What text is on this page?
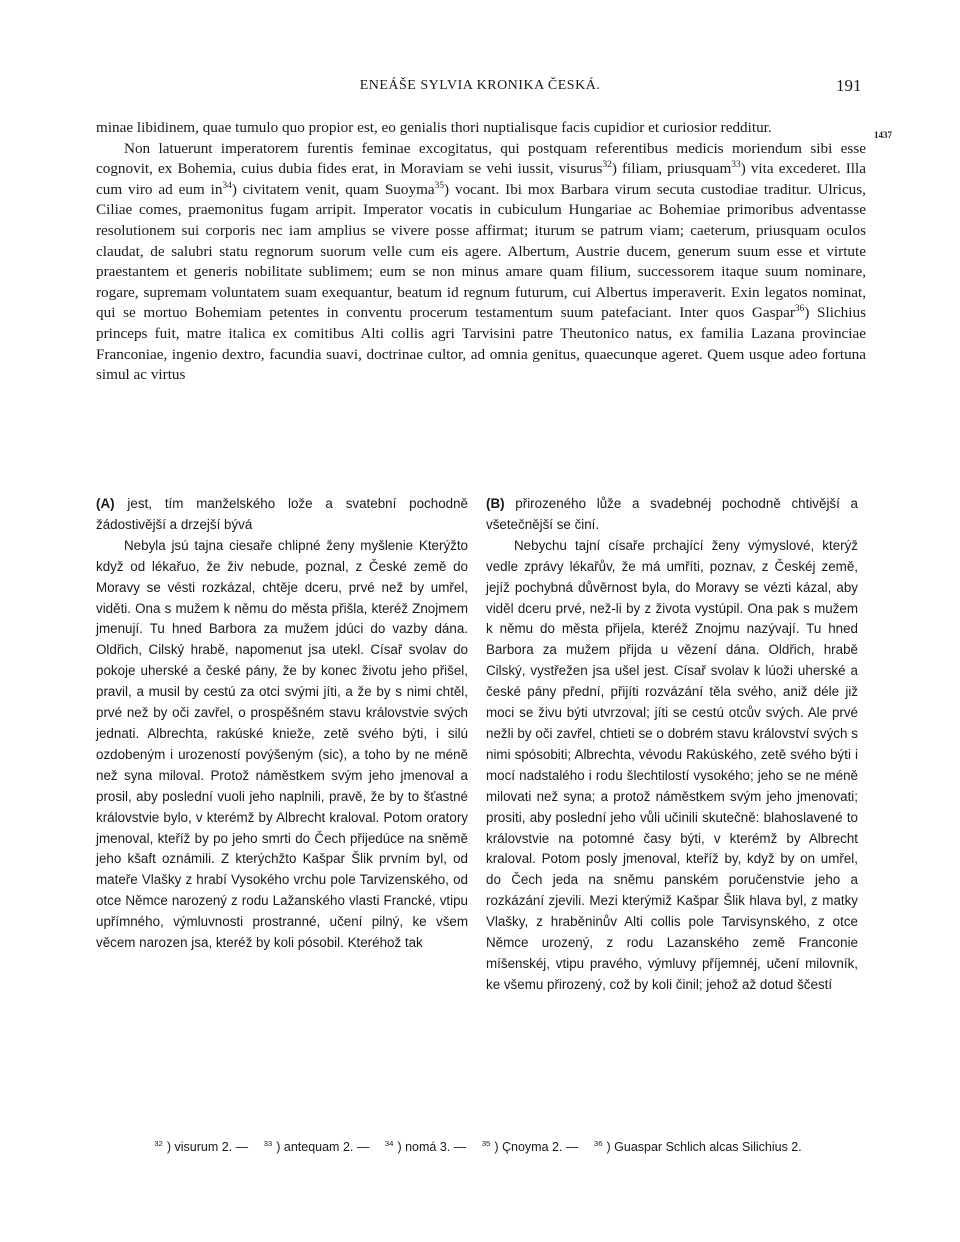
ENEÁŠE SYLVIA KRONIKA ČESKÁ.	191
1437

minae libidinem, quae tumulo quo propior est, eo genialis thori nuptialisque facis cupidior et curiosior redditur.

Non latuerunt imperatorem furentis feminae excogitatus, qui postquam referentibus medicis moriendum sibi esse cognovit, ex Bohemia, cuius dubia fides erat, in Moraviam se vehi iussit, visurus$^{32}$) filiam, priusquam$^{33}$) vita excederet. Illa cum viro ad eum $in^{34}$) civitatem venit, quam Suoyma$^{35}$) vocant. Ibi mox Barbara virum secuta custodiae traditur. Ulricus, Ciliae comes, praemonitus fugam arripit. Imperator vocatis in cubiculum Hungariae ac Bohemiae primoribus adventasse resolutionem sui corporis nec iam amplius se vivere posse affirmat; iturum se patrum viam; caeterum, priusquam oculos claudat, de salubri statu regnorum suorum velle cum eis agere. Albertum, Austrie ducem, generum suum esse et virtute praestantem et generis nobilitate sublimem; eum se non minus amare quam filium, successorem itaque suum nominare, rogare, supremam voluntatem suam exequantur, beatum id regnum futurum, cui Albertus imperaverit. Exin legatos nominat, qui se mortuo Bohemiam petentes in conventu procerum testamentum suum patefaciant. Inter quos Gaspar$^{36}$) Slichius princeps fuit, matre italica ex comitibus Alti collis agri Tarvisini patre Theutonico natus, ex familia Lazana provinciae Franconiae, ingenio dextro, facundia suavi, doctrinae cultor, ad omnia genitus, quaecunque ageret. Quem usque adeo fortuna simul ac virtus

(A) jest, tím manželského lože a svatební pochodně žádostivější a drzejší bývá

Nebyla jsú tajna ciesaře chlipné ženy myšlenie Kterýžto když od lékařuo, že živ nebude, poznal, z České země do Moravy se vésti rozkázal, chtěje dceru, prvé než by umřel, viděti. Ona s mužem k němu do města přišla, kteréž Znojmem jmenují. Tu hned Barbora za mužem jdúci do vazby dána. Oldřich, Cilský hrabě, napomenut jsa utekl. Císař svolav do pokoje uherské a české pány, že by konec životu jeho přišel, pravil, a musil by cestú za otci svými jíti, a že by s nimi chtěl, prvé než by oči zavřel, o prospěšném stavu královstvie svých jednati. Albrechta, rakúské knieže, zetě svého býti, i silú ozdobeným i urozeností povýšeným (sic), a toho by ne méně než syna miloval. Protož náměstkem svým jeho jmenoval a prosil, aby poslední vuoli jeho naplnili, pravě, že by to šťastné královstvie bylo, v kterémž by Albrecht kraloval. Potom oratory jmenoval, kteříž by po jeho smrti do Čech přijedúce na sněmě jeho kšaft oznámili. Z kterýchžto Kašpar Šlik prvním byl, od mateře Vlašky z hrabí Vysokého vrchu pole Tarvizenského, od otce Němce narozený z rodu Lažanského vlasti Francké, vtipu upřímného, výmluvnosti prostranné, učení pilný, ke všem věcem narozen jsa, kteréž by koli pósobil. Kteréhož tak

(B) přirozeného lůže a svadebnéj pochodně chtivější a všetečnější se činí.

Nebychu tajní císaře prchající ženy výmyslové, kterýž vedle zprávy lékařův, že má umříti, poznav, z Českéj země, jejíž pochybná důvěrnost byla, do Moravy se vézti kázal, aby viděl dceru prvé, než-li by z života vystúpil. Ona pak s mužem k němu do města přijela, kteréž Znojmu nazývají. Tu hned Barbora za mužem přijda u vězení dána. Oldřich, hrabě Cilský, vystřežen jsa ušel jest. Císař svolav k lúoži uherské a české pány přední, přijíti rozvázání těla svého, aniž déle již moci se živu býti utvrzoval; jíti se cestú otcův svých. Ale prvé nežli by oči zavřel, chtieti se o dobrém stavu království svých s nimi spósobiti; Albrechta, vévodu Rakúského, zetě svého býti i mocí nadstalého i rodu šlechtilostí vysokého; jeho se ne méně milovati než syna; a protož náměstkem svým jeho jmenovati; prositi, aby poslední jeho vůli učinili skutečně: blahoslavené to královstvie na potomné časy býti, v kterémž by Albrecht kraloval. Potom posly jmenoval, kteříž by, když by on umřel, do Čech jeda na sněmu panském poručenstvie jeho a rozkázání zjevili. Mezi kterýmiž Kašpar Šlik hlava byl, z matky Vlašky, z hraběninův Alti collis pole Tarvisynského, z otce Němce urozený, z rodu Lazanského země Franconie míšenskéj, vtipu pravého, výmluvy příjemnéj, učení milovník, ke všemu přirozený, což by koli činil; jehož až dotud ščestí

$^{32}$ ) visurum 2. — $^{33}$ ) antequam 2. — $^{34}$ ) nomá 3. — $^{35}$ ) Çnoyma 2. — $^{36}$ ) Guaspar Schlich alcas Silichius 2.
